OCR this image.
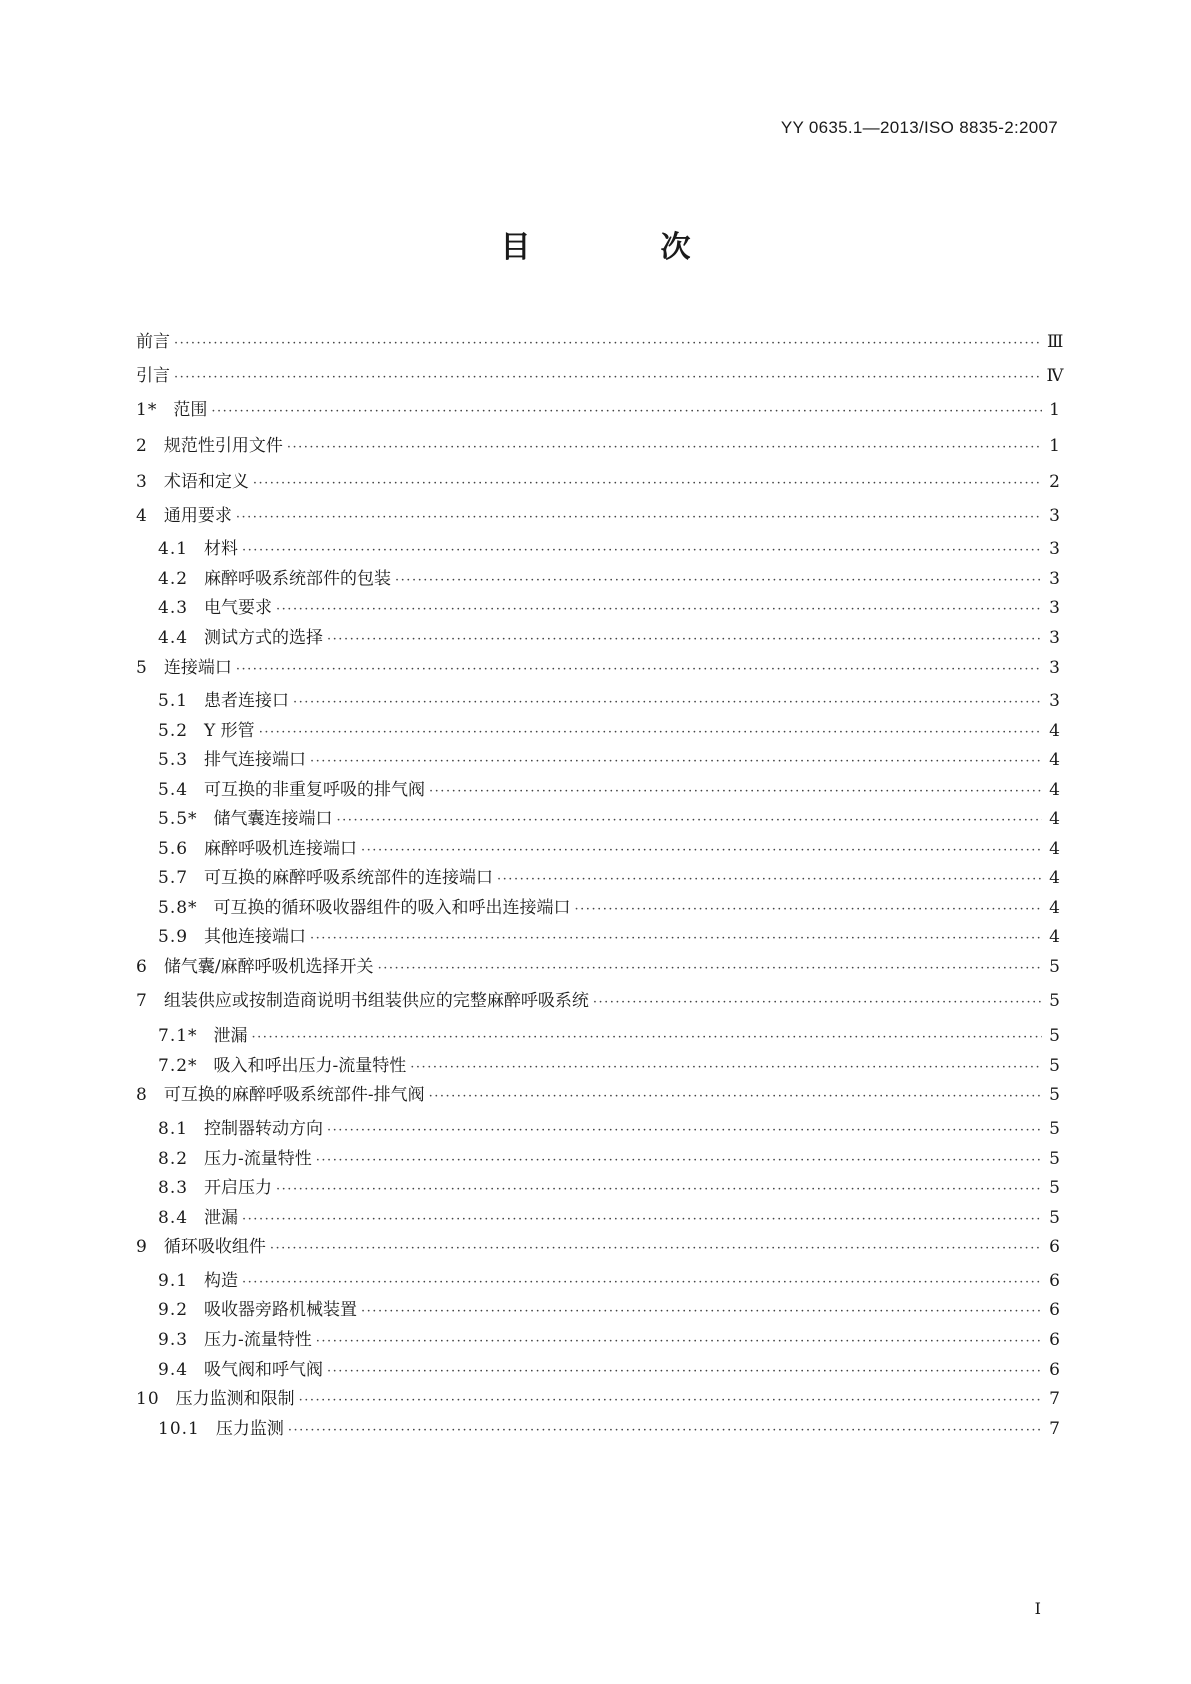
YY 0635.1—2013/ISO 8835-2:2007
目　次
前言 ·····	Ⅲ
引言 ·····	Ⅳ
1* 范围 ·····	1
2 规范性引用文件 ·····	1
3 术语和定义 ·····	2
4 通用要求 ·····	3
4.1 材料 ·····	3
4.2 麻醉呼吸系统部件的包装 ·····	3
4.3 电气要求 ·····	3
4.4 测试方式的选择 ·····	3
5 连接端口 ·····	3
5.1 患者连接口 ·····	3
5.2 Y 形管 ·····	4
5.3 排气连接端口 ·····	4
5.4 可互换的非重复呼吸的排气阀 ·····	4
5.5* 储气囊连接端口 ·····	4
5.6 麻醉呼吸机连接端口 ·····	4
5.7 可互换的麻醉呼吸系统部件的连接端口 ·····	4
5.8* 可互换的循环吸收器组件的吸入和呼出连接端口 ·····	4
5.9 其他连接端口 ·····	4
6 储气囊/麻醉呼吸机选择开关 ·····	5
7 组装供应或按制造商说明书组装供应的完整麻醉呼吸系统 ·····	5
7.1* 泄漏 ·····	5
7.2* 吸入和呼出压力-流量特性 ·····	5
8 可互换的麻醉呼吸系统部件-排气阀 ·····	5
8.1 控制器转动方向 ·····	5
8.2 压力-流量特性 ·····	5
8.3 开启压力 ·····	5
8.4 泄漏 ·····	5
9 循环吸收组件 ·····	6
9.1 构造 ·····	6
9.2 吸收器旁路机械装置 ·····	6
9.3 压力-流量特性 ·····	6
9.4 吸气阀和呼气阀 ·····	6
10 压力监测和限制 ·····	7
10.1 压力监测 ·····	7
I
